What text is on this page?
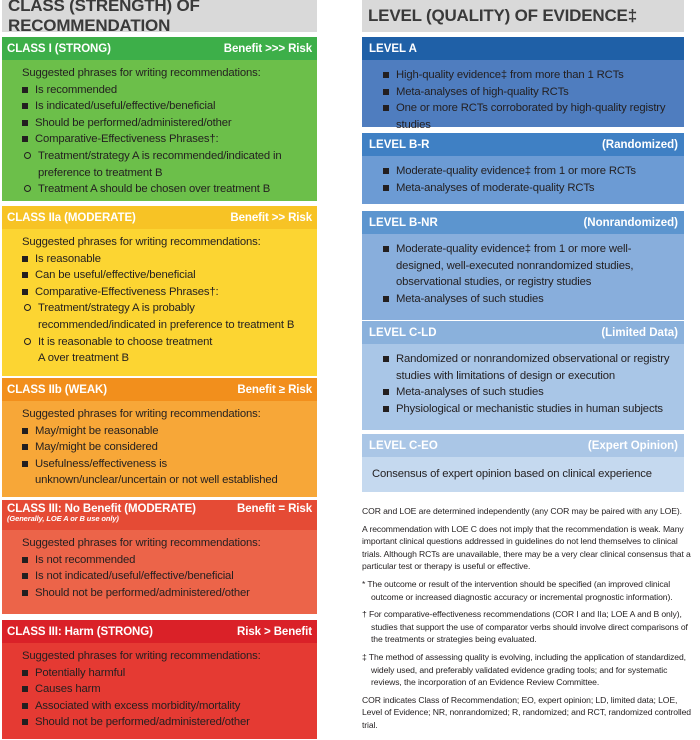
CLASS (STRENGTH) OF RECOMMENDATION
CLASS I (STRONG)	Benefit >>> Risk
Suggested phrases for writing recommendations:
Is recommended
Is indicated/useful/effective/beneficial
Should be performed/administered/other
Comparative-Effectiveness Phrases†:
Treatment/strategy A is recommended/indicated in preference to treatment B
Treatment A should be chosen over treatment B
CLASS IIa (MODERATE)	Benefit >> Risk
Suggested phrases for writing recommendations:
Is reasonable
Can be useful/effective/beneficial
Comparative-Effectiveness Phrases†:
Treatment/strategy A is probably recommended/indicated in preference to treatment B
It is reasonable to choose treatment A over treatment B
CLASS IIb (WEAK)	Benefit ≥ Risk
Suggested phrases for writing recommendations:
May/might be reasonable
May/might be considered
Usefulness/effectiveness is unknown/unclear/uncertain or not well established
CLASS III: No Benefit (MODERATE)
(Generally, LOE A or B use only)
Benefit = Risk
Suggested phrases for writing recommendations:
Is not recommended
Is not indicated/useful/effective/beneficial
Should not be performed/administered/other
CLASS III: Harm (STRONG)	Risk > Benefit
Suggested phrases for writing recommendations:
Potentially harmful
Causes harm
Associated with excess morbidity/mortality
Should not be performed/administered/other
LEVEL (QUALITY) OF EVIDENCE‡
LEVEL A
High-quality evidence‡ from more than 1 RCTs
Meta-analyses of high-quality RCTs
One or more RCTs corroborated by high-quality registry studies
LEVEL B-R	(Randomized)
Moderate-quality evidence‡ from 1 or more RCTs
Meta-analyses of moderate-quality RCTs
LEVEL B-NR	(Nonrandomized)
Moderate-quality evidence‡ from 1 or more well-designed, well-executed nonrandomized studies, observational studies, or registry studies
Meta-analyses of such studies
LEVEL C-LD	(Limited Data)
Randomized or nonrandomized observational or registry studies with limitations of design or execution
Meta-analyses of such studies
Physiological or mechanistic studies in human subjects
LEVEL C-EO	(Expert Opinion)
Consensus of expert opinion based on clinical experience

COR and LOE are determined independently (any COR may be paired with any LOE).

A recommendation with LOE C does not imply that the recommendation is weak. Many important clinical questions addressed in guidelines do not lend themselves to clinical trials. Although RCTs are unavailable, there may be a very clear clinical consensus that a particular test or therapy is useful or effective.

* The outcome or result of the intervention should be specified (an improved clinical outcome or increased diagnostic accuracy or incremental prognostic information).

† For comparative-effectiveness recommendations (COR I and IIa; LOE A and B only), studies that support the use of comparator verbs should involve direct comparisons of the treatments or strategies being evaluated.

‡ The method of assessing quality is evolving, including the application of standardized, widely used, and preferably validated evidence grading tools; and for systematic reviews, the incorporation of an Evidence Review Committee.

COR indicates Class of Recommendation; EO, expert opinion; LD, limited data; LOE, Level of Evidence; NR, nonrandomized; R, randomized; and RCT, randomized controlled trial.
